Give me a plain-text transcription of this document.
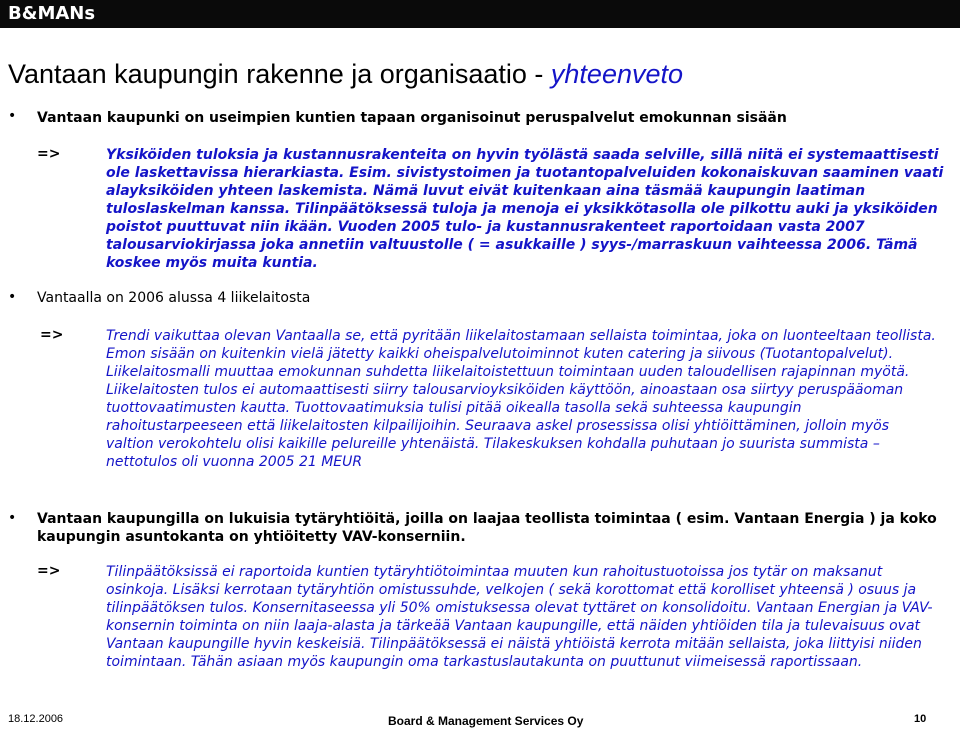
B&MANs
Vantaan kaupungin rakenne ja organisaatio - yhteenveto
• Vantaan kaupunki on useimpien kuntien tapaan organisoinut peruspalvelut emokunnan sisään
=>	Yksiköiden tuloksia ja kustannusrakenteita on hyvin työlästä saada selville, sillä niitä ei systemaattisesti ole laskettavissa hierarkiasta. Esim. sivistystoimen ja tuotantopalveluiden kokonaiskuvan saaminen vaati alayksiköiden yhteen laskemista. Nämä luvut eivät kuitenkaan aina täsmää kaupungin laatiman tuloslaskelman kanssa. Tilinpäätöksessä tuloja ja menoja ei yksikkötasolla ole pilkottu auki ja yksiköiden poistot puuttuvat niin ikään. Vuoden 2005 tulo- ja kustannusrakenteet raportoidaan vasta 2007 talousarviokirjassa joka annetiin valtuustolle ( = asukkaille ) syys-/marraskuun vaihteessa 2006. Tämä koskee myös muita kuntia.
• Vantaalla on 2006 alussa 4 liikelaitosta
=>	Trendi vaikuttaa olevan Vantaalla se, että pyritään liikelaitostamaan sellaista toimintaa, joka on luonteeltaan teollista. Emon sisään on kuitenkin vielä jätetty kaikki oheispalvelutoiminnot kuten catering ja siivous (Tuotantopalvelut). Liikelaitosmalli muuttaa emokunnan suhdetta liikelaitoistettuun toimintaan uuden taloudellisen rajapinnan myötä. Liikelaitosten tulos ei automaattisesti siirry talousarvioyksiköiden käyttöön, ainoastaan osa siirtyy peruspääoman tuottovaatimusten kautta. Tuottovaatimuksia tulisi pitää oikealla tasolla sekä suhteessa kaupungin rahoitustarpeeseen että liikelaitosten kilpailijoihin. Seuraava askel prosessissa olisi yhtiöittäminen, jolloin myös valtion verokohtelu olisi kaikille pelureille yhtenäistä. Tilakeskuksen kohdalla puhutaan jo suurista summista – nettotulos oli vuonna 2005 21 MEUR
• Vantaan kaupungilla on lukuisia tytäryhtiöitä, joilla on laajaa teollista toimintaa ( esim. Vantaan Energia ) ja koko kaupungin asuntokanta on yhtiöitetty VAV-konserniin.
=>	Tilinpäätöksissä ei raportoida kuntien tytäryhtiötoimintaa muuten kun rahoitustuotoissa jos tytär on maksanut osinkoja. Lisäksi kerrotaan tytäryhtiön omistussuhde, velkojen ( sekä korottomat että korolliset yhteensä ) osuus ja tilinpäätöksen tulos. Konsernitaseessa yli 50% omistuksessa olevat tyttäret on konsolidoitu. Vantaan Energian ja VAV-konsernin toiminta on niin laaja-alasta ja tärkeää Vantaan kaupungille, että näiden yhtiöiden tila ja tulevaisuus ovat Vantaan kaupungille hyvin keskeisiä. Tilinpäätöksessä ei näistä yhtiöistä kerrota mitään sellaista, joka liittyisi niiden toimintaan. Tähän asiaan myös kaupungin oma tarkastuslautakunta on puuttunut viimeisessä raportissaan.
18.12.2006	Board & Management Services Oy	10
